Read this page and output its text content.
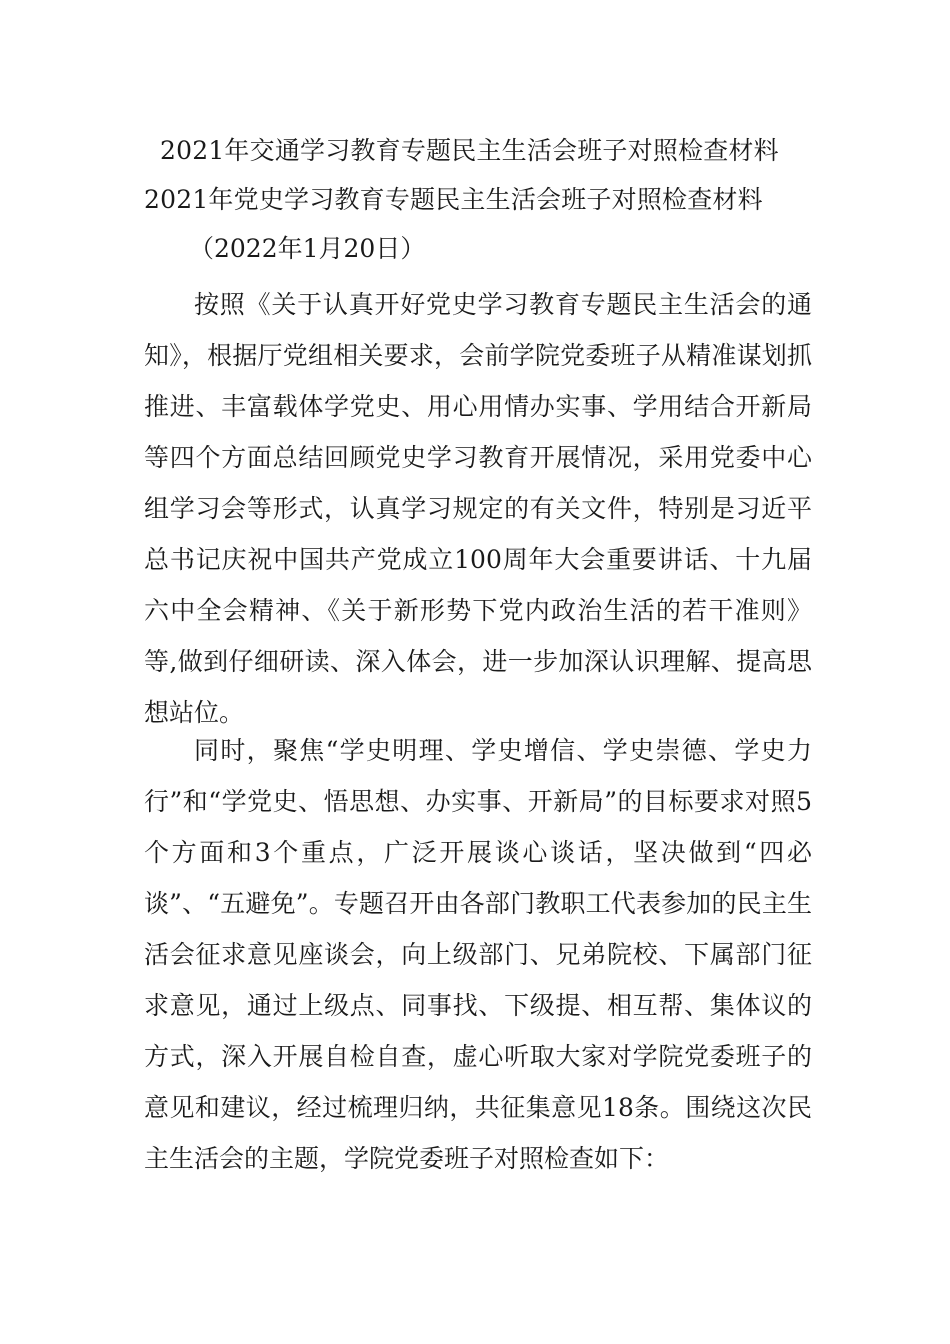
2021年交通学习教育专题民主生活会班子对照检查材料
2021年党史学习教育专题民主生活会班子对照检查材料
（2022年1月20日）

按照《关于认真开好党史学习教育专题民主生活会的通知》，根据厅党组相关要求，会前学院党委班子从精准谋划抓推进、丰富载体学党史、用心用情办实事、学用结合开新局等四个方面总结回顾党史学习教育开展情况，采用党委中心组学习会等形式，认真学习规定的有关文件，特别是习近平总书记庆祝中国共产党成立100周年大会重要讲话、十九届六中全会精神、《关于新形势下党内政治生活的若干准则》等,做到仔细研读、深入体会，进一步加深认识理解、提高思想站位。

同时，聚焦“学史明理、学史增信、学史崇德、学史力行”和“学党史、悟思想、办实事、开新局”的目标要求对照5个方面和3个重点，广泛开展谈心谈话，坚决做到“四必谈”、“五避免”。专题召开由各部门教职工代表参加的民主生活会征求意见座谈会，向上级部门、兄弟院校、下属部门征求意见，通过上级点、同事找、下级提、相互帮、集体议的方式，深入开展自检自查，虚心听取大家对学院党委班子的意见和建议，经过梳理归纳，共征集意见18条。围绕这次民主生活会的主题，学院党委班子对照检查如下：
